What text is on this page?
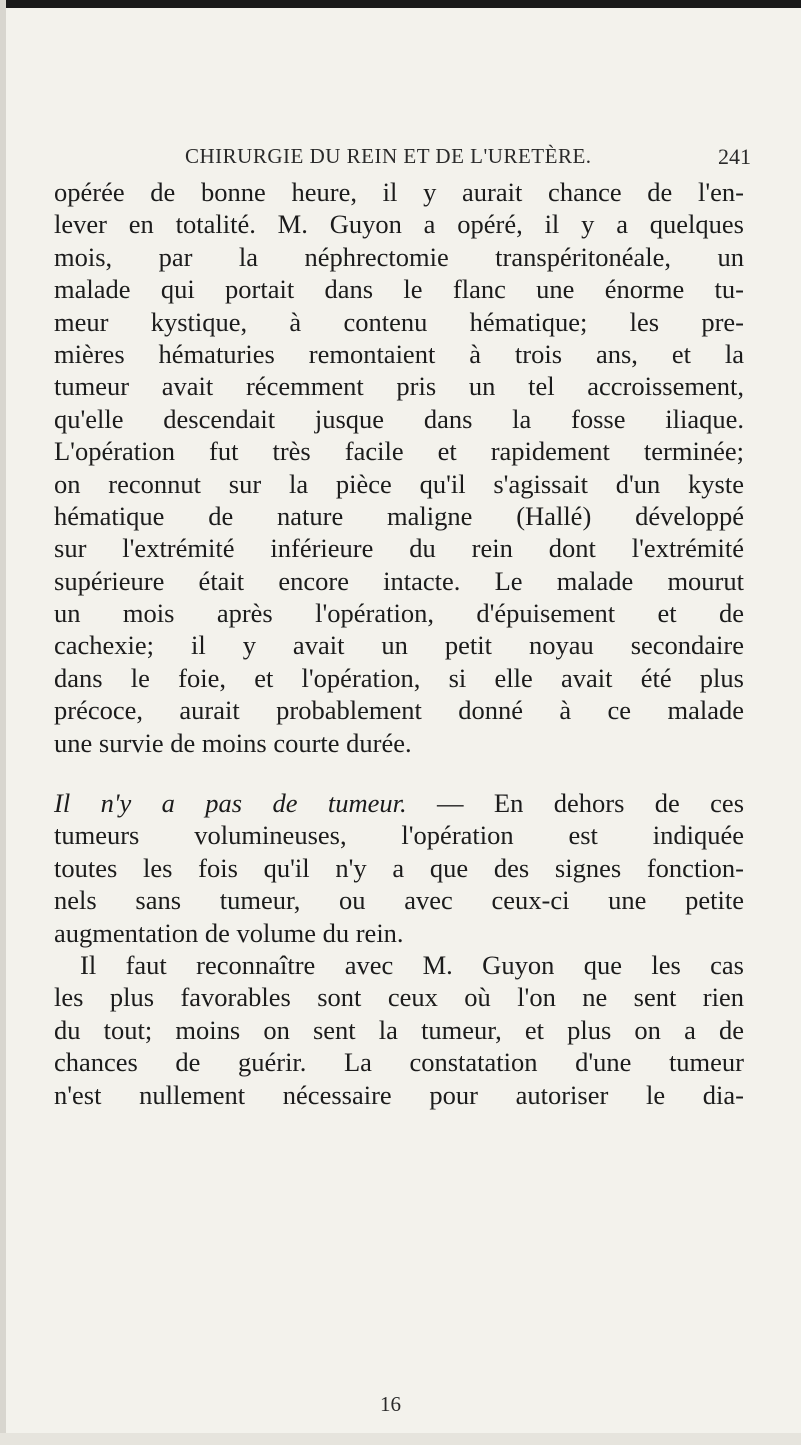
CHIRURGIE DU REIN ET DE L'URETÈRE.	241
opérée de bonne heure, il y aurait chance de l'en-
lever en totalité. M. Guyon a opéré, il y a quelques
mois, par la néphrectomie transpéritonéale, un
malade qui portait dans le flanc une énorme tu-
meur kystique, à contenu hématique; les pre-
mières hématuries remontaient à trois ans, et la
tumeur avait récemment pris un tel accroissement,
qu'elle descendait jusque dans la fosse iliaque.
L'opération fut très facile et rapidement terminée;
on reconnut sur la pièce qu'il s'agissait d'un kyste
hématique de nature maligne (Hallé) développé
sur l'extrémité inférieure du rein dont l'extrémité
supérieure était encore intacte. Le malade mourut
un mois après l'opération, d'épuisement et de
cachexie; il y avait un petit noyau secondaire
dans le foie, et l'opération, si elle avait été plus
précoce, aurait probablement donné à ce malade
une survie de moins courte durée.
Il n'y a pas de tumeur. — En dehors de ces
tumeurs volumineuses, l'opération est indiquée
toutes les fois qu'il n'y a que des signes fonction-
nels sans tumeur, ou avec ceux-ci une petite
augmentation de volume du rein.
Il faut reconnaître avec M. Guyon que les cas
les plus favorables sont ceux où l'on ne sent rien
du tout; moins on sent la tumeur, et plus on a de
chances de guérir. La constatation d'une tumeur
n'est nullement nécessaire pour autoriser le dia-
16
